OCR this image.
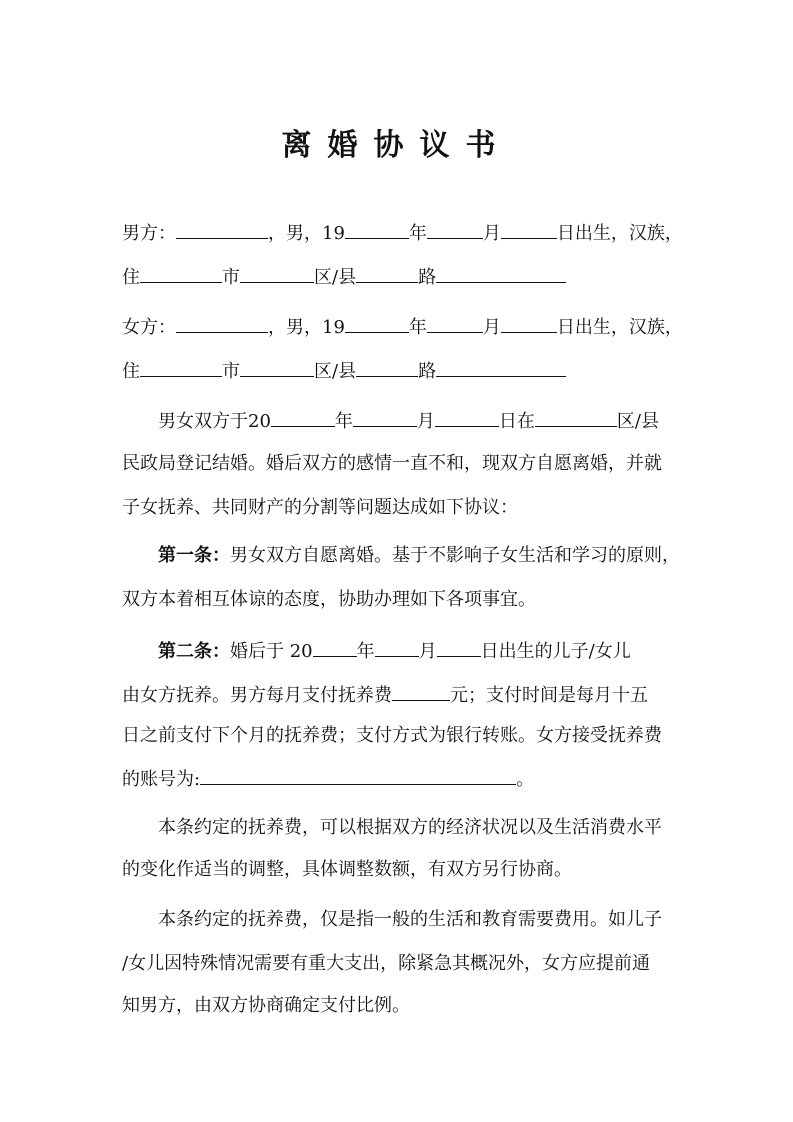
离婚协议书
男方：	，男，19	年	月	日出生，汉族，
住	市	区/县	路
女方：	，男，19	年	月	日出生，汉族，
住	市	区/县	路
男女双方于20	年	月	日在	区/县
民政局登记结婚。婚后双方的感情一直不和，现双方自愿离婚，并就
子女抚养、共同财产的分割等问题达成如下协议：
第一条：男女双方自愿离婚。基于不影响子女生活和学习的原则，
双方本着相互体谅的态度，协助办理如下各项事宜。
第二条：婚后于 20 年 月 日出生的儿子/女儿
由女方抚养。男方每月支付抚养费	元；支付时间是每月十五
日之前支付下个月的抚养费；支付方式为银行转账。女方接受抚养费
的账号为:	。
本条约定的抚养费，可以根据双方的经济状况以及生活消费水平
的变化作适当的调整，具体调整数额，有双方另行协商。
本条约定的抚养费，仅是指一般的生活和教育需要费用。如儿子
/女儿因特殊情况需要有重大支出，除紧急其概况外，女方应提前通
知男方，由双方协商确定支付比例。
